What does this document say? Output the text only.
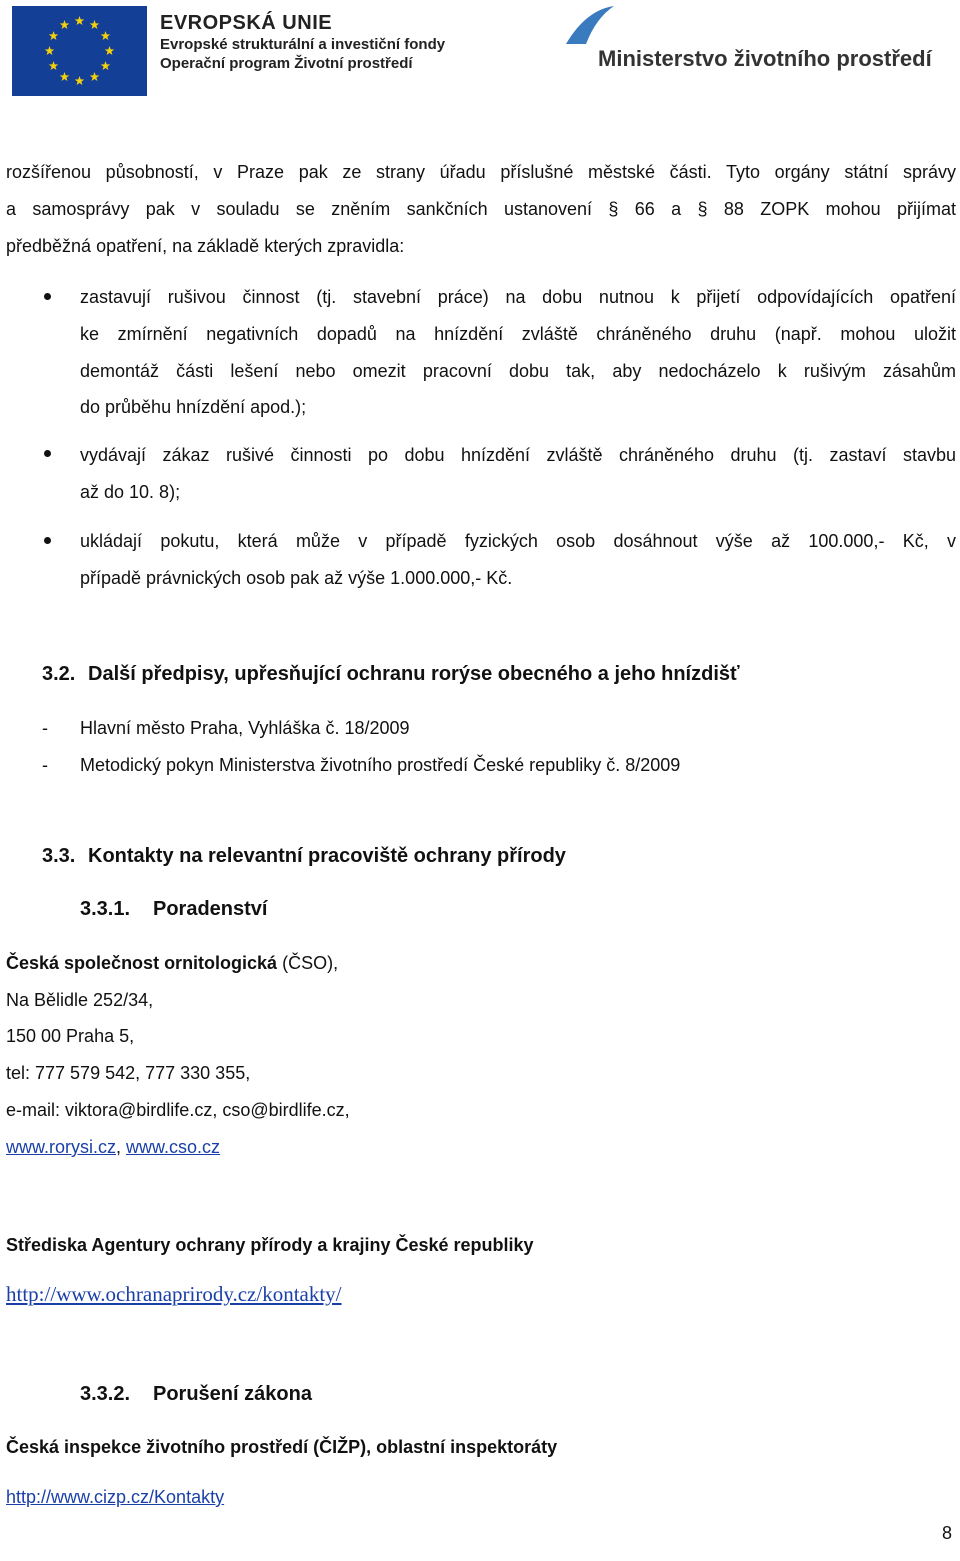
EVROPSKÁ UNIE
Evropské strukturální a investiční fondy
Operační program Životní prostředí	Ministerstvo životního prostředí
rozšířenou působností, v Praze pak ze strany úřadu příslušné městské části. Tyto orgány státní správy
a samosprávy pak v souladu se zněním sankčních ustanovení § 66 a § 88 ZOPK mohou přijímat
předběžná opatření, na základě kterých zpravidla:
zastavují rušivou činnost (tj. stavební práce) na dobu nutnou k přijetí odpovídajících opatření
ke zmírnění negativních dopadů na hnízdění zvláště chráněného druhu (např. mohou uložit
demontáž části lešení nebo omezit pracovní dobu tak, aby nedocházelo k rušivým zásahům
do průběhu hnízdění apod.);
vydávají zákaz rušivé činnosti po dobu hnízdění zvláště chráněného druhu (tj. zastaví stavbu
až do 10. 8);
ukládají pokutu, která může v případě fyzických osob dosáhnout výše až 100.000,- Kč, v
případě právnických osob pak až výše 1.000.000,- Kč.
3.2. Další předpisy, upřesňující ochranu rorýse obecného a jeho hnízdišť
- Hlavní město Praha, Vyhláška č. 18/2009
- Metodický pokyn Ministerstva životního prostředí České republiky č. 8/2009
3.3. Kontakty na relevantní pracoviště ochrany přírody
3.3.1. Poradenství
Česká společnost ornitologická (ČSO),
Na Bělidle 252/34,
150 00 Praha 5,
tel: 777 579 542, 777 330 355,
e-mail: viktora@birdlife.cz, cso@birdlife.cz,
www.rorysi.cz, www.cso.cz
Střediska Agentury ochrany přírody a krajiny České republiky
http://www.ochranaprirody.cz/kontakty/
3.3.2. Porušení zákona
Česká inspekce životního prostředí (ČIŽP), oblastní inspektoráty
http://www.cizp.cz/Kontakty
8
